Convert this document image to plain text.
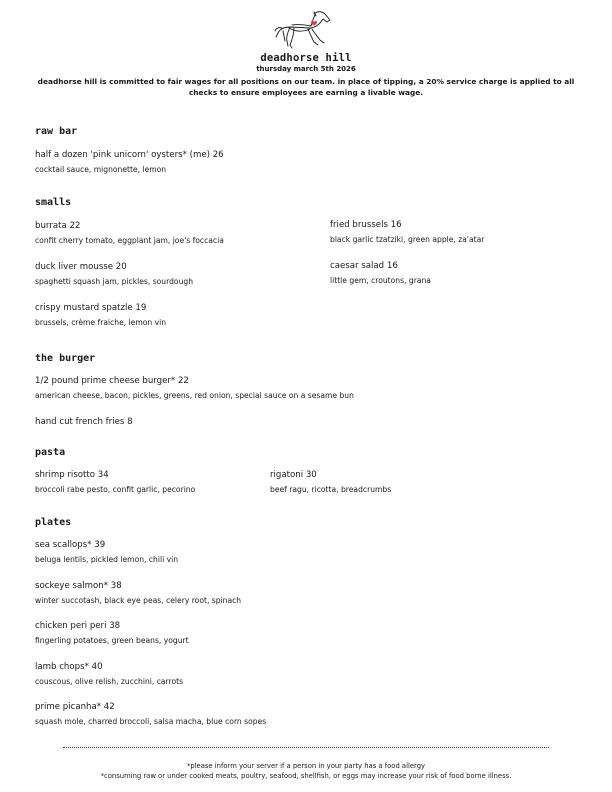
deadhorse hill
thursday march 5th 2026
deadhorse hill is committed to fair wages for all positions on our team. in place of tipping, a 20% service charge is applied to all checks to ensure employees are earning a livable wage.
raw bar
half a dozen 'pink unicorn' oysters* (me) 26
cocktail sauce, mignonette, lemon
smalls
burrata 22
confit cherry tomato, eggplant jam, joe's foccacia
fried brussels 16
black garlic tzatziki, green apple, za'atar
duck liver mousse 20
spaghetti squash jam, pickles, sourdough
caesar salad 16
little gem, croutons, grana
crispy mustard spatzle 19
brussels, crème fraiche, lemon vin
the burger
1/2 pound prime cheese burger* 22
american cheese, bacon, pickles, greens, red onion, special sauce on a sesame bun
hand cut french fries 8
pasta
shrimp risotto 34
broccoli rabe pesto, confit garlic, pecorino
rigatoni 30
beef ragu, ricotta, breadcrumbs
plates
sea scallops* 39
beluga lentils, pickled lemon, chili vin
sockeye salmon* 38
winter succotash, black eye peas, celery root, spinach
chicken peri peri 38
fingerling potatoes, green beans, yogurt
lamb chops* 40
couscous, olive relish, zucchini, carrots
prime picanha* 42
squash mole, charred broccoli, salsa macha, blue corn sopes
*please inform your server if a person in your party has a food allergy
*consuming raw or under cooked meats, poultry, seafood, shellfish, or eggs may increase your risk of food borne illness.
